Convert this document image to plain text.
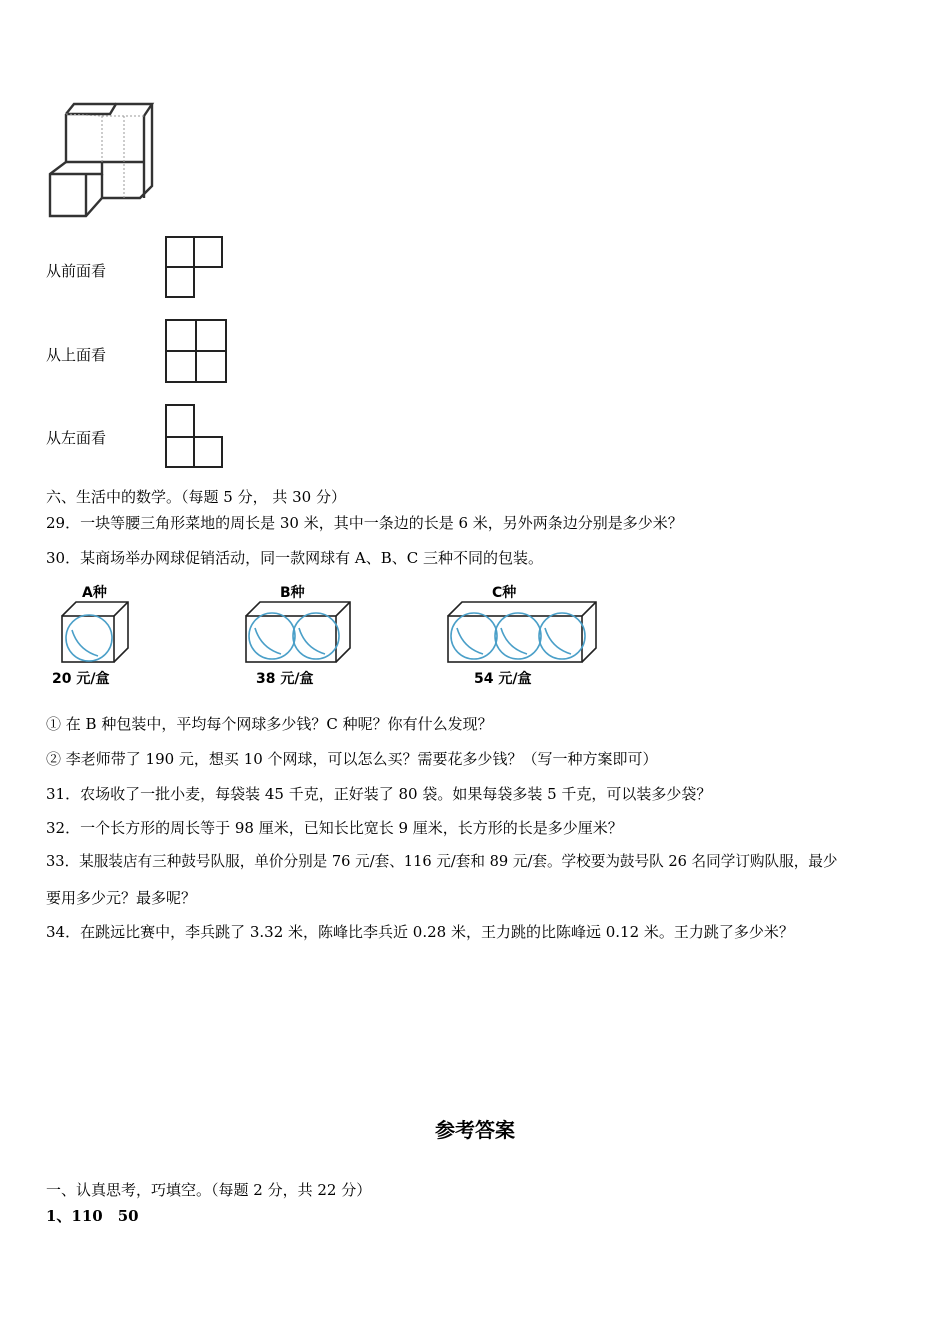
从前面看
从上面看
从左面看
六、生活中的数学。（每题 5 分， 共 30 分）
29．一块等腰三角形菜地的周长是 30 米，其中一条边的长是 6 米，另外两条边分别是多少米？
30．某商场举办网球促销活动，同一款网球有 A、B、C 三种不同的包装。
A种
20 元/盒
B种
38 元/盒
C种
54 元/盒
① 在 B 种包装中，平均每个网球多少钱？C 种呢？你有什么发现？
② 李老师带了 190 元，想买 10 个网球，可以怎么买？需要花多少钱？（写一种方案即可）
31．农场收了一批小麦，每袋装 45 千克，正好装了 80 袋。如果每袋多装 5 千克，可以装多少袋？
32．一个长方形的周长等于 98 厘米，已知长比宽长 9 厘米，长方形的长是多少厘米？
33．某服装店有三种鼓号队服，单价分别是 76 元/套、116 元/套和 89 元/套。学校要为鼓号队 26 名同学订购队服，最少
要用多少元？最多呢？
34．在跳远比赛中，李兵跳了 3.32 米，陈峰比李兵近 0.28 米，王力跳的比陈峰远 0.12 米。王力跳了多少米？
参考答案
一、认真思考，巧填空。（每题 2 分，共 22 分）
1、110　50
